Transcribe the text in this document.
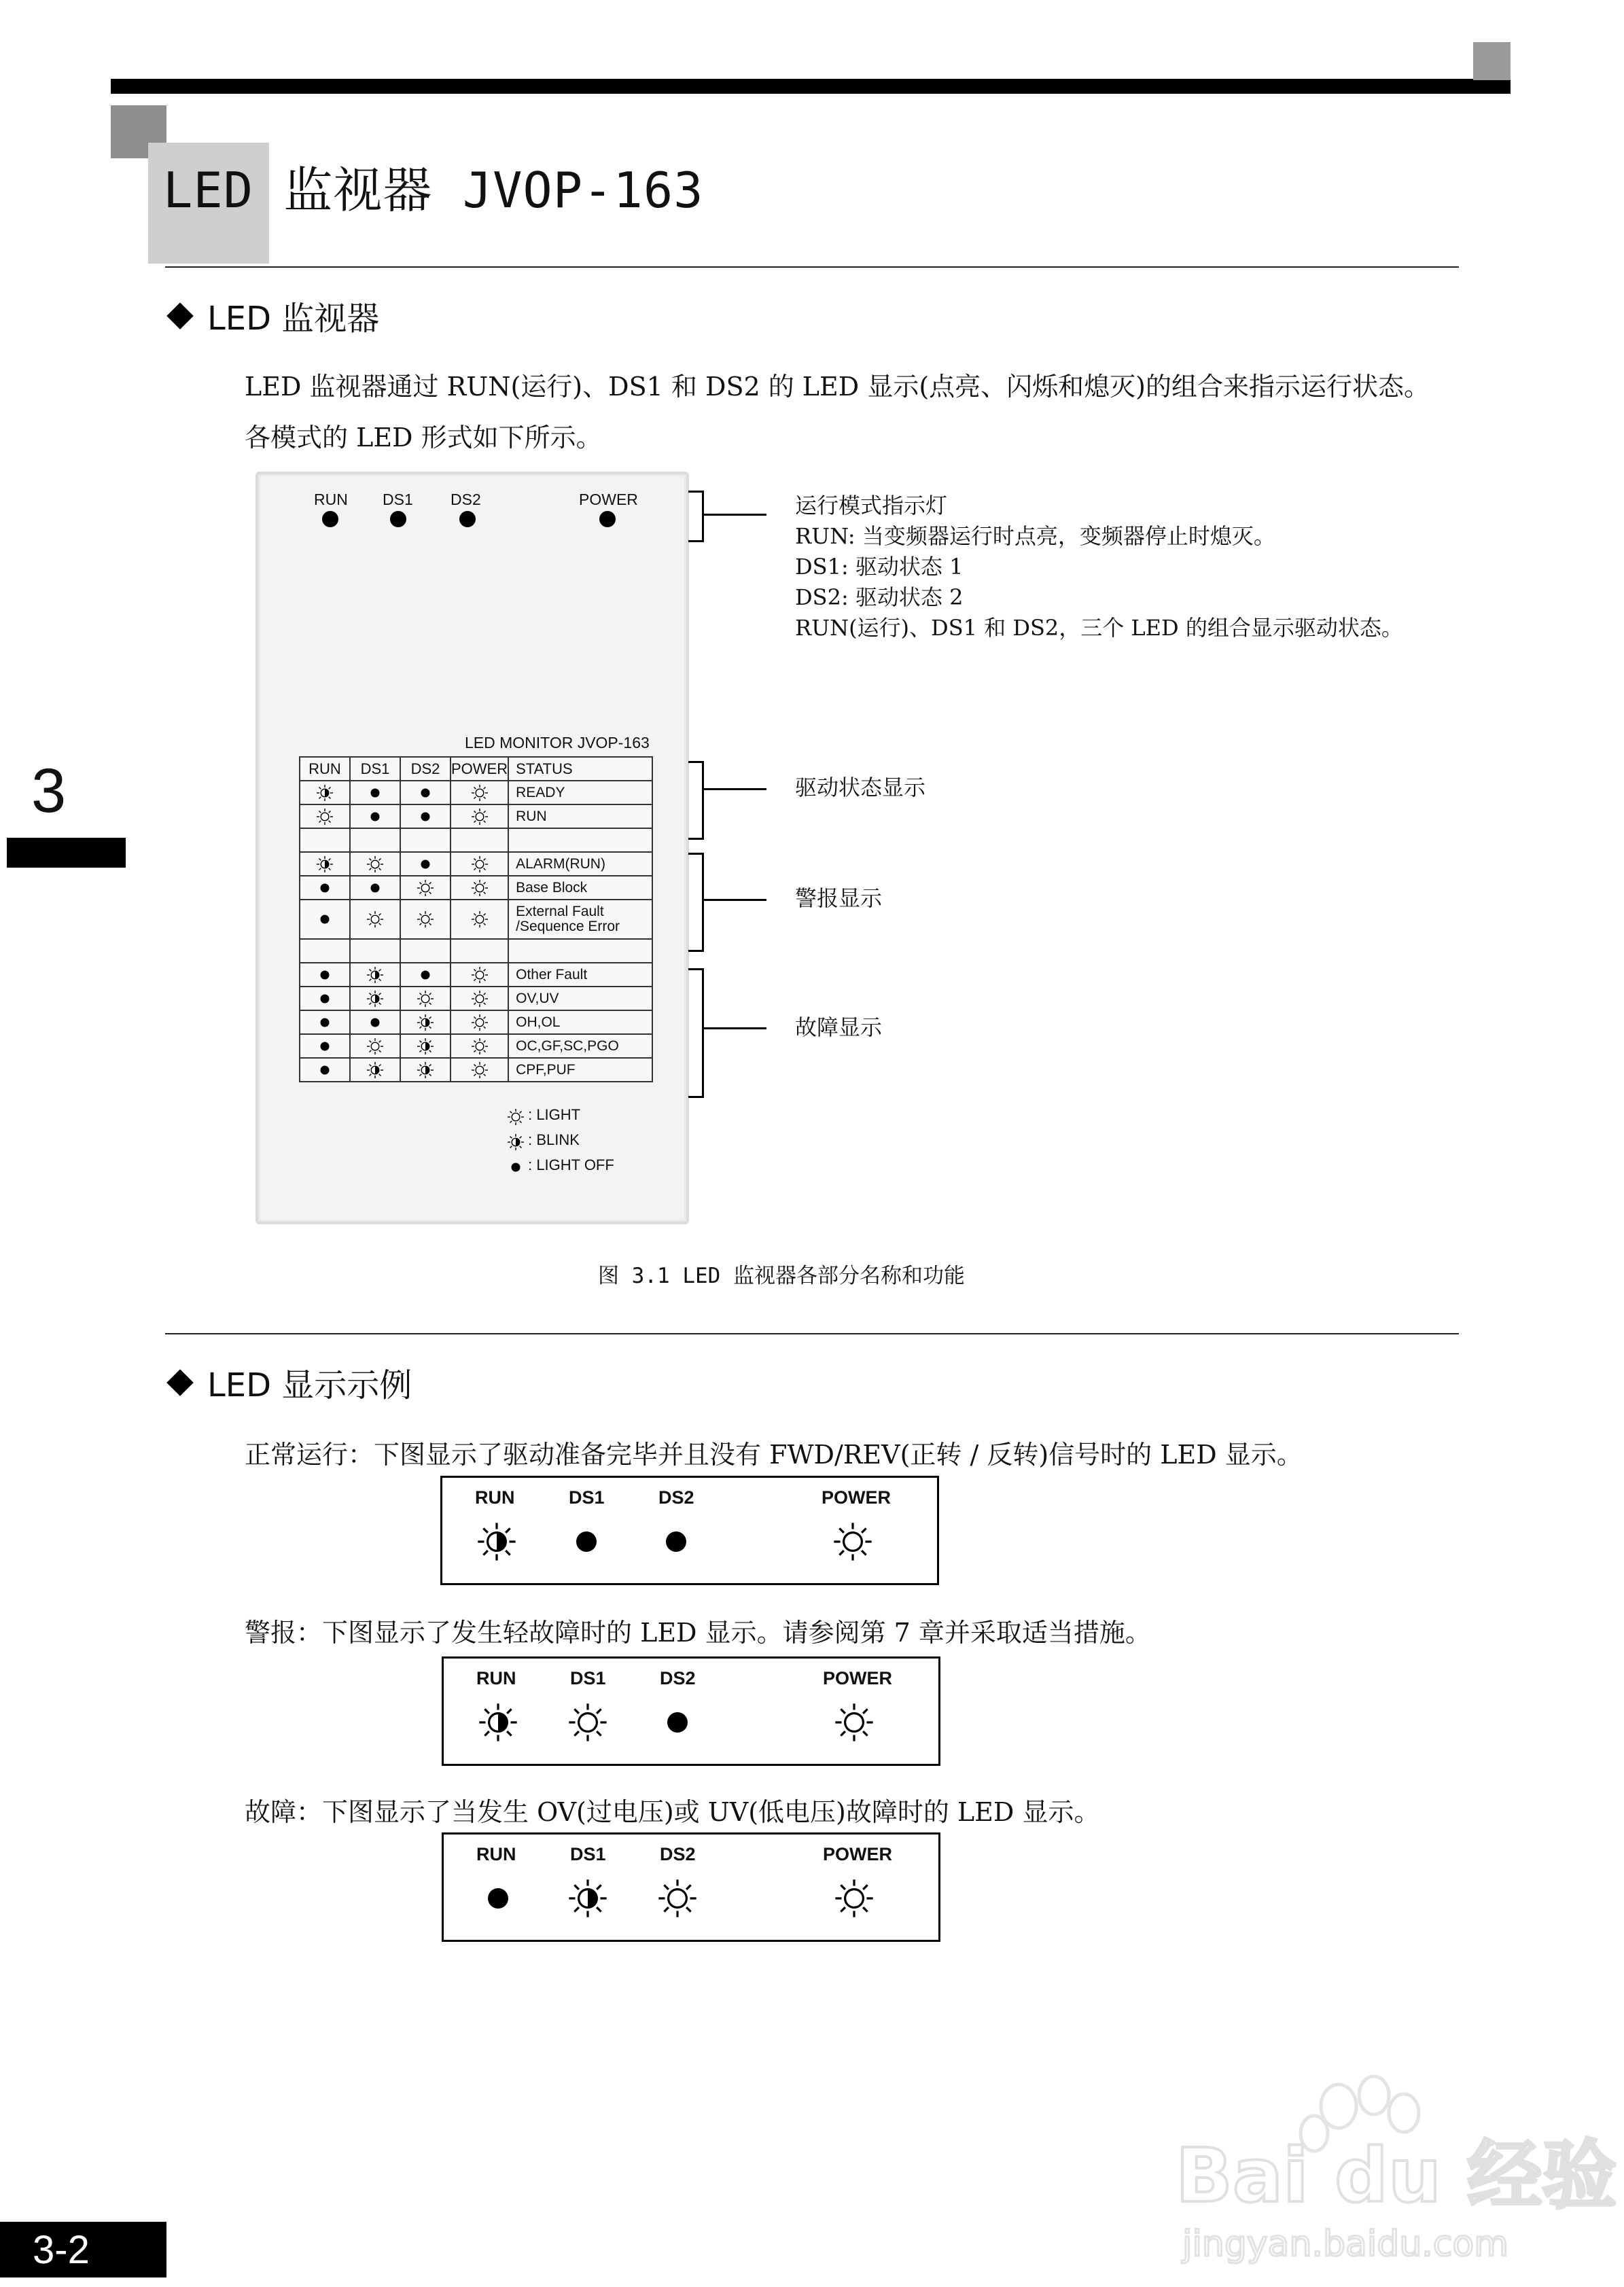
LED 监视器 JVOP-163
3
LED 监视器
LED 监视器通过 RUN(运行)、DS1 和 DS2 的 LED 显示(点亮、闪烁和熄灭)的组合来指示运行状态。
各模式的 LED 形式如下所示。
RUN DS1 DS2	POWER
LED MONITOR JVOP-163
RUN	DS1	DS2	POWER	STATUS
				READY
				RUN

				ALARM(RUN)
				Base Block
				External Fault /Sequence Error

				Other Fault
				OV,UV
				OH,OL
				OC,GF,SC,PGO
				CPF,PUF
: LIGHT
: BLINK
: LIGHT OFF
运行模式指示灯
RUN: 当变频器运行时点亮，变频器停止时熄灭。
DS1: 驱动状态 1
DS2: 驱动状态 2
RUN(运行)、DS1 和 DS2，三个 LED 的组合显示驱动状态。
驱动状态显示
警报显示
故障显示
图 3.1 LED 监视器各部分名称和功能
LED 显示示例
正常运行：下图显示了驱动准备完毕并且没有 FWD/REV(正转 / 反转)信号时的 LED 显示。
RUN	DS1	DS2	POWER
警报：下图显示了发生轻故障时的 LED 显示。请参阅第 7 章并采取适当措施。
RUN	DS1	DS2	POWER
故障：下图显示了当发生 OV(过电压)或 UV(低电压)故障时的 LED 显示。
RUN	DS1	DS2	POWER
Bai du 经验
jingyan.baidu.com
3-2
